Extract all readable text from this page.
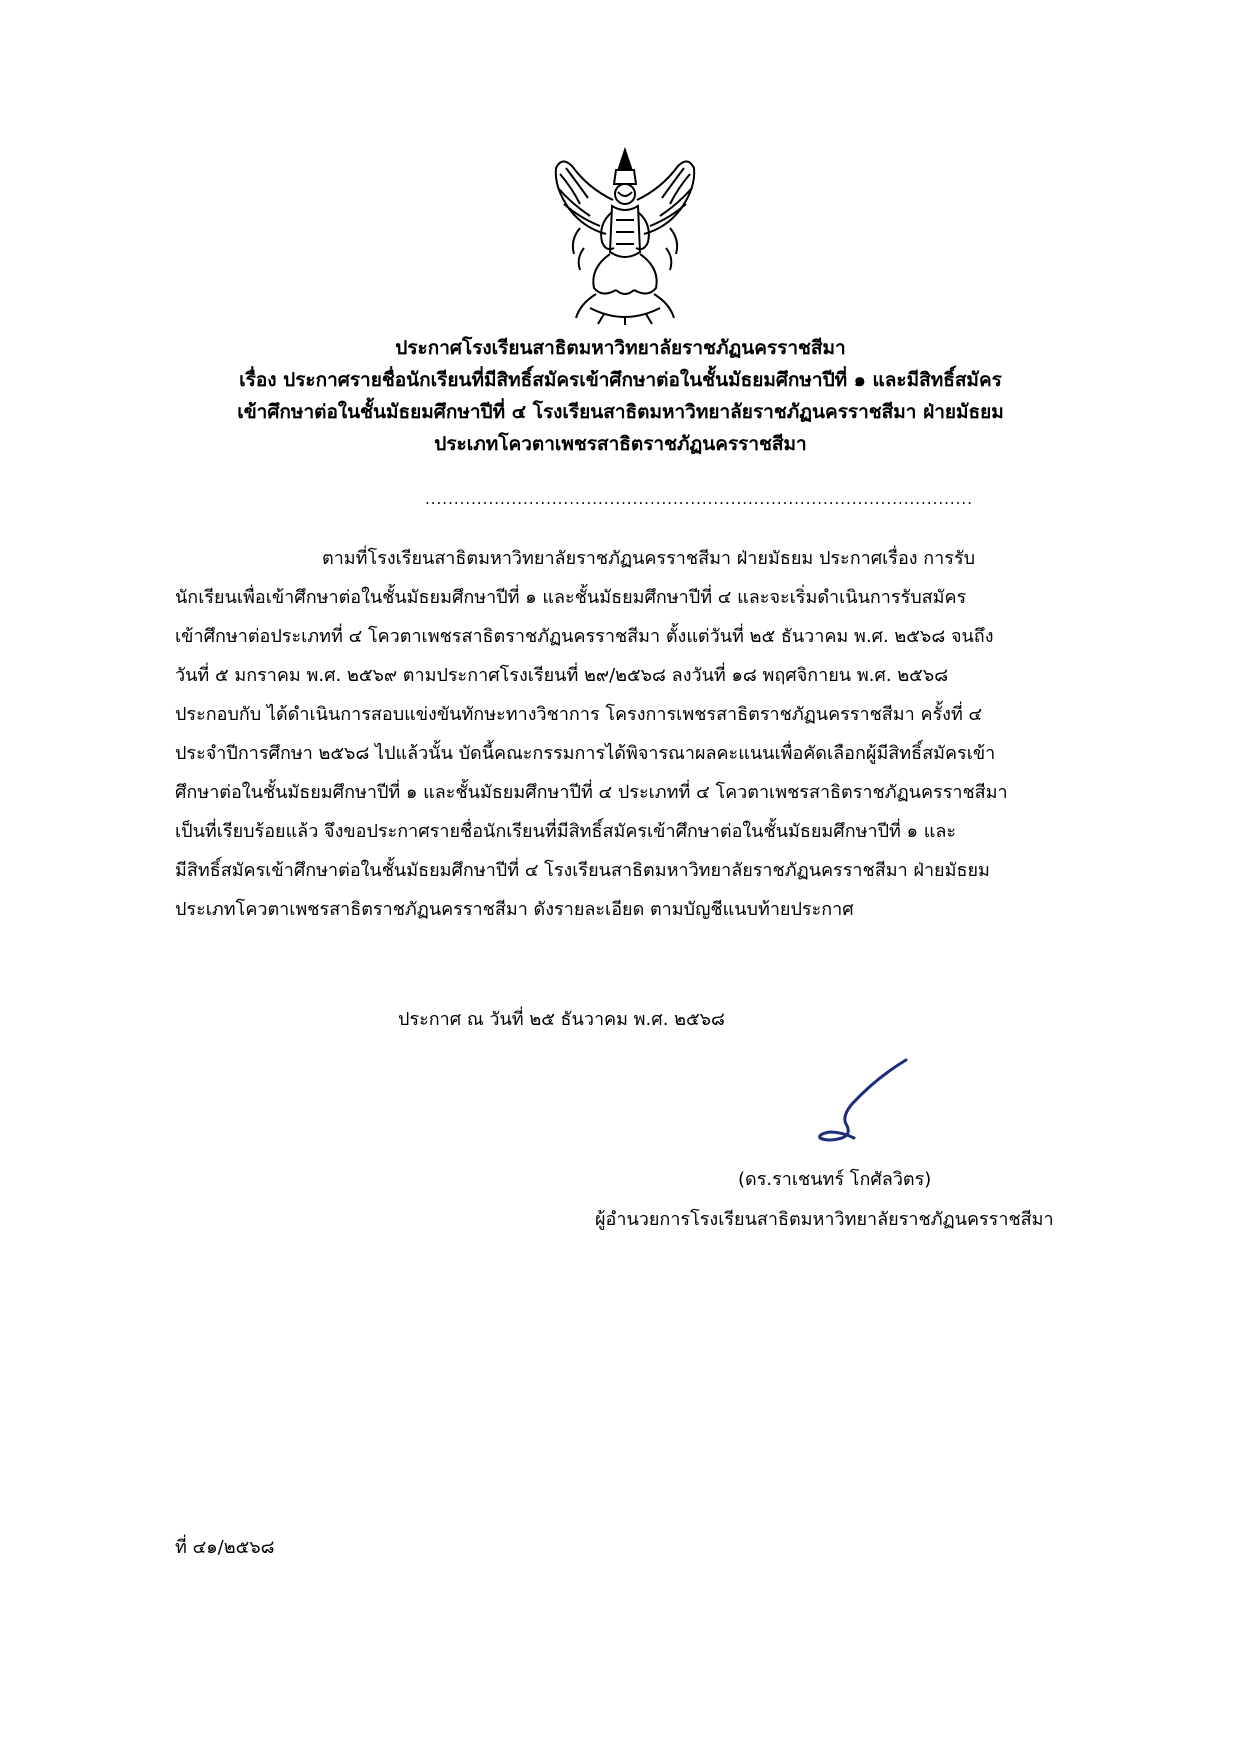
ประกาศโรงเรียนสาธิตมหาวิทยาลัยราชภัฏนครราชสีมา
เรื่อง ประกาศรายชื่อนักเรียนที่มีสิทธิ์สมัครเข้าศึกษาต่อในชั้นมัธยมศึกษาปีที่ ๑ และมีสิทธิ์สมัคร
เข้าศึกษาต่อในชั้นมัธยมศึกษาปีที่ ๔ โรงเรียนสาธิตมหาวิทยาลัยราชภัฏนครราชสีมา ฝ่ายมัธยม
ประเภทโควตาเพชรสาธิตราชภัฏนครราชสีมา
...............................................................................................
ตามที่โรงเรียนสาธิตมหาวิทยาลัยราชภัฏนครราชสีมา ฝ่ายมัธยม ประกาศเรื่อง การรับ
นักเรียนเพื่อเข้าศึกษาต่อในชั้นมัธยมศึกษาปีที่ ๑ และชั้นมัธยมศึกษาปีที่ ๔ และจะเริ่มดำเนินการรับสมัคร
เข้าศึกษาต่อประเภทที่ ๔ โควตาเพชรสาธิตราชภัฏนครราชสีมา ตั้งแต่วันที่ ๒๕ ธันวาคม พ.ศ. ๒๕๖๘ จนถึง
วันที่ ๕ มกราคม พ.ศ. ๒๕๖๙ ตามประกาศโรงเรียนที่ ๒๙/๒๕๖๘ ลงวันที่ ๑๘ พฤศจิกายน พ.ศ. ๒๕๖๘
ประกอบกับ ได้ดำเนินการสอบแข่งขันทักษะทางวิชาการ โครงการเพชรสาธิตราชภัฏนครราชสีมา ครั้งที่ ๔
ประจำปีการศึกษา ๒๕๖๘ ไปแล้วนั้น บัดนี้คณะกรรมการได้พิจารณาผลคะแนนเพื่อคัดเลือกผู้มีสิทธิ์สมัครเข้า
ศึกษาต่อในชั้นมัธยมศึกษาปีที่ ๑ และชั้นมัธยมศึกษาปีที่ ๔ ประเภทที่ ๔ โควตาเพชรสาธิตราชภัฏนครราชสีมา
เป็นที่เรียบร้อยแล้ว จึงขอประกาศรายชื่อนักเรียนที่มีสิทธิ์สมัครเข้าศึกษาต่อในชั้นมัธยมศึกษาปีที่ ๑ และ
มีสิทธิ์สมัครเข้าศึกษาต่อในชั้นมัธยมศึกษาปีที่ ๔ โรงเรียนสาธิตมหาวิทยาลัยราชภัฏนครราชสีมา ฝ่ายมัธยม
ประเภทโควตาเพชรสาธิตราชภัฏนครราชสีมา ดังรายละเอียด ตามบัญชีแนบท้ายประกาศ
ประกาศ ณ วันที่ ๒๕ ธันวาคม พ.ศ. ๒๕๖๘
(ดร.ราเชนทร์ โกศัลวิตร)
ผู้อำนวยการโรงเรียนสาธิตมหาวิทยาลัยราชภัฏนครราชสีมา
ที่ ๔๑/๒๕๖๘
